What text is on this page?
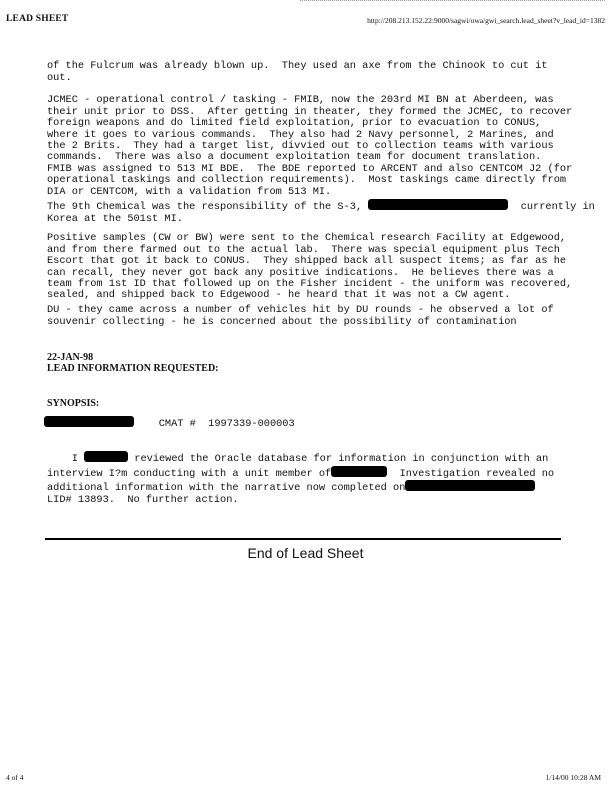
LEAD SHEET	http://208.213.152.22:9000/sagwi/owa/gwi_search.lead_sheet?v_lead_id=1382

of the Fulcrum was already blown up.  They used an axe from the Chinook to cut it
out.

JCMEC - operational control / tasking - FMIB, now the 203rd MI BN at Aberdeen, was
their unit prior to DSS.  After getting in theater, they formed the JCMEC, to recover
foreign weapons and do limited field exploitation, prior to evacuation to CONUS,
where it goes to various commands.  They also had 2 Navy personnel, 2 Marines, and
the 2 Brits.  They had a target list, divvied out to collection teams with various
commands.  There was also a document exploitation team for document translation.
FMIB was assigned to 513 MI BDE.  The BDE reported to ARCENT and also CENTCOM J2 (for
operational taskings and collection requirements).  Most taskings came directly from
DIA or CENTCOM, with a validation from 513 MI.

The 9th Chemical was the responsibility of the S-3,	currently in
Korea at the 501st MI.

Positive samples (CW or BW) were sent to the Chemical research Facility at Edgewood,
and from there farmed out to the actual lab.  There was special equipment plus Tech
Escort that got it back to CONUS.  They shipped back all suspect items; as far as he
can recall, they never got back any positive indications.  He believes there was a
team from 1st ID that followed up on the Fisher incident - the uniform was recovered,
sealed, and shipped back to Edgewood - he heard that it was not a CW agent.

DU - they came across a number of vehicles hit by DU rounds - he observed a lot of
souvenir collecting - he is concerned about the possibility of contamination
22-JAN-98
LEAD INFORMATION REQUESTED:
SYNOPSIS:
CMAT #  1997339-000003

I	reviewed the Oracle database for information in conjunction with an
interview I?m conducting with a unit member of	Investigation revealed no
additional information with the narrative now completed on
LID# 13893.  No further action.
End of Lead Sheet
4 of 4	1/14/00 10:28 AM
